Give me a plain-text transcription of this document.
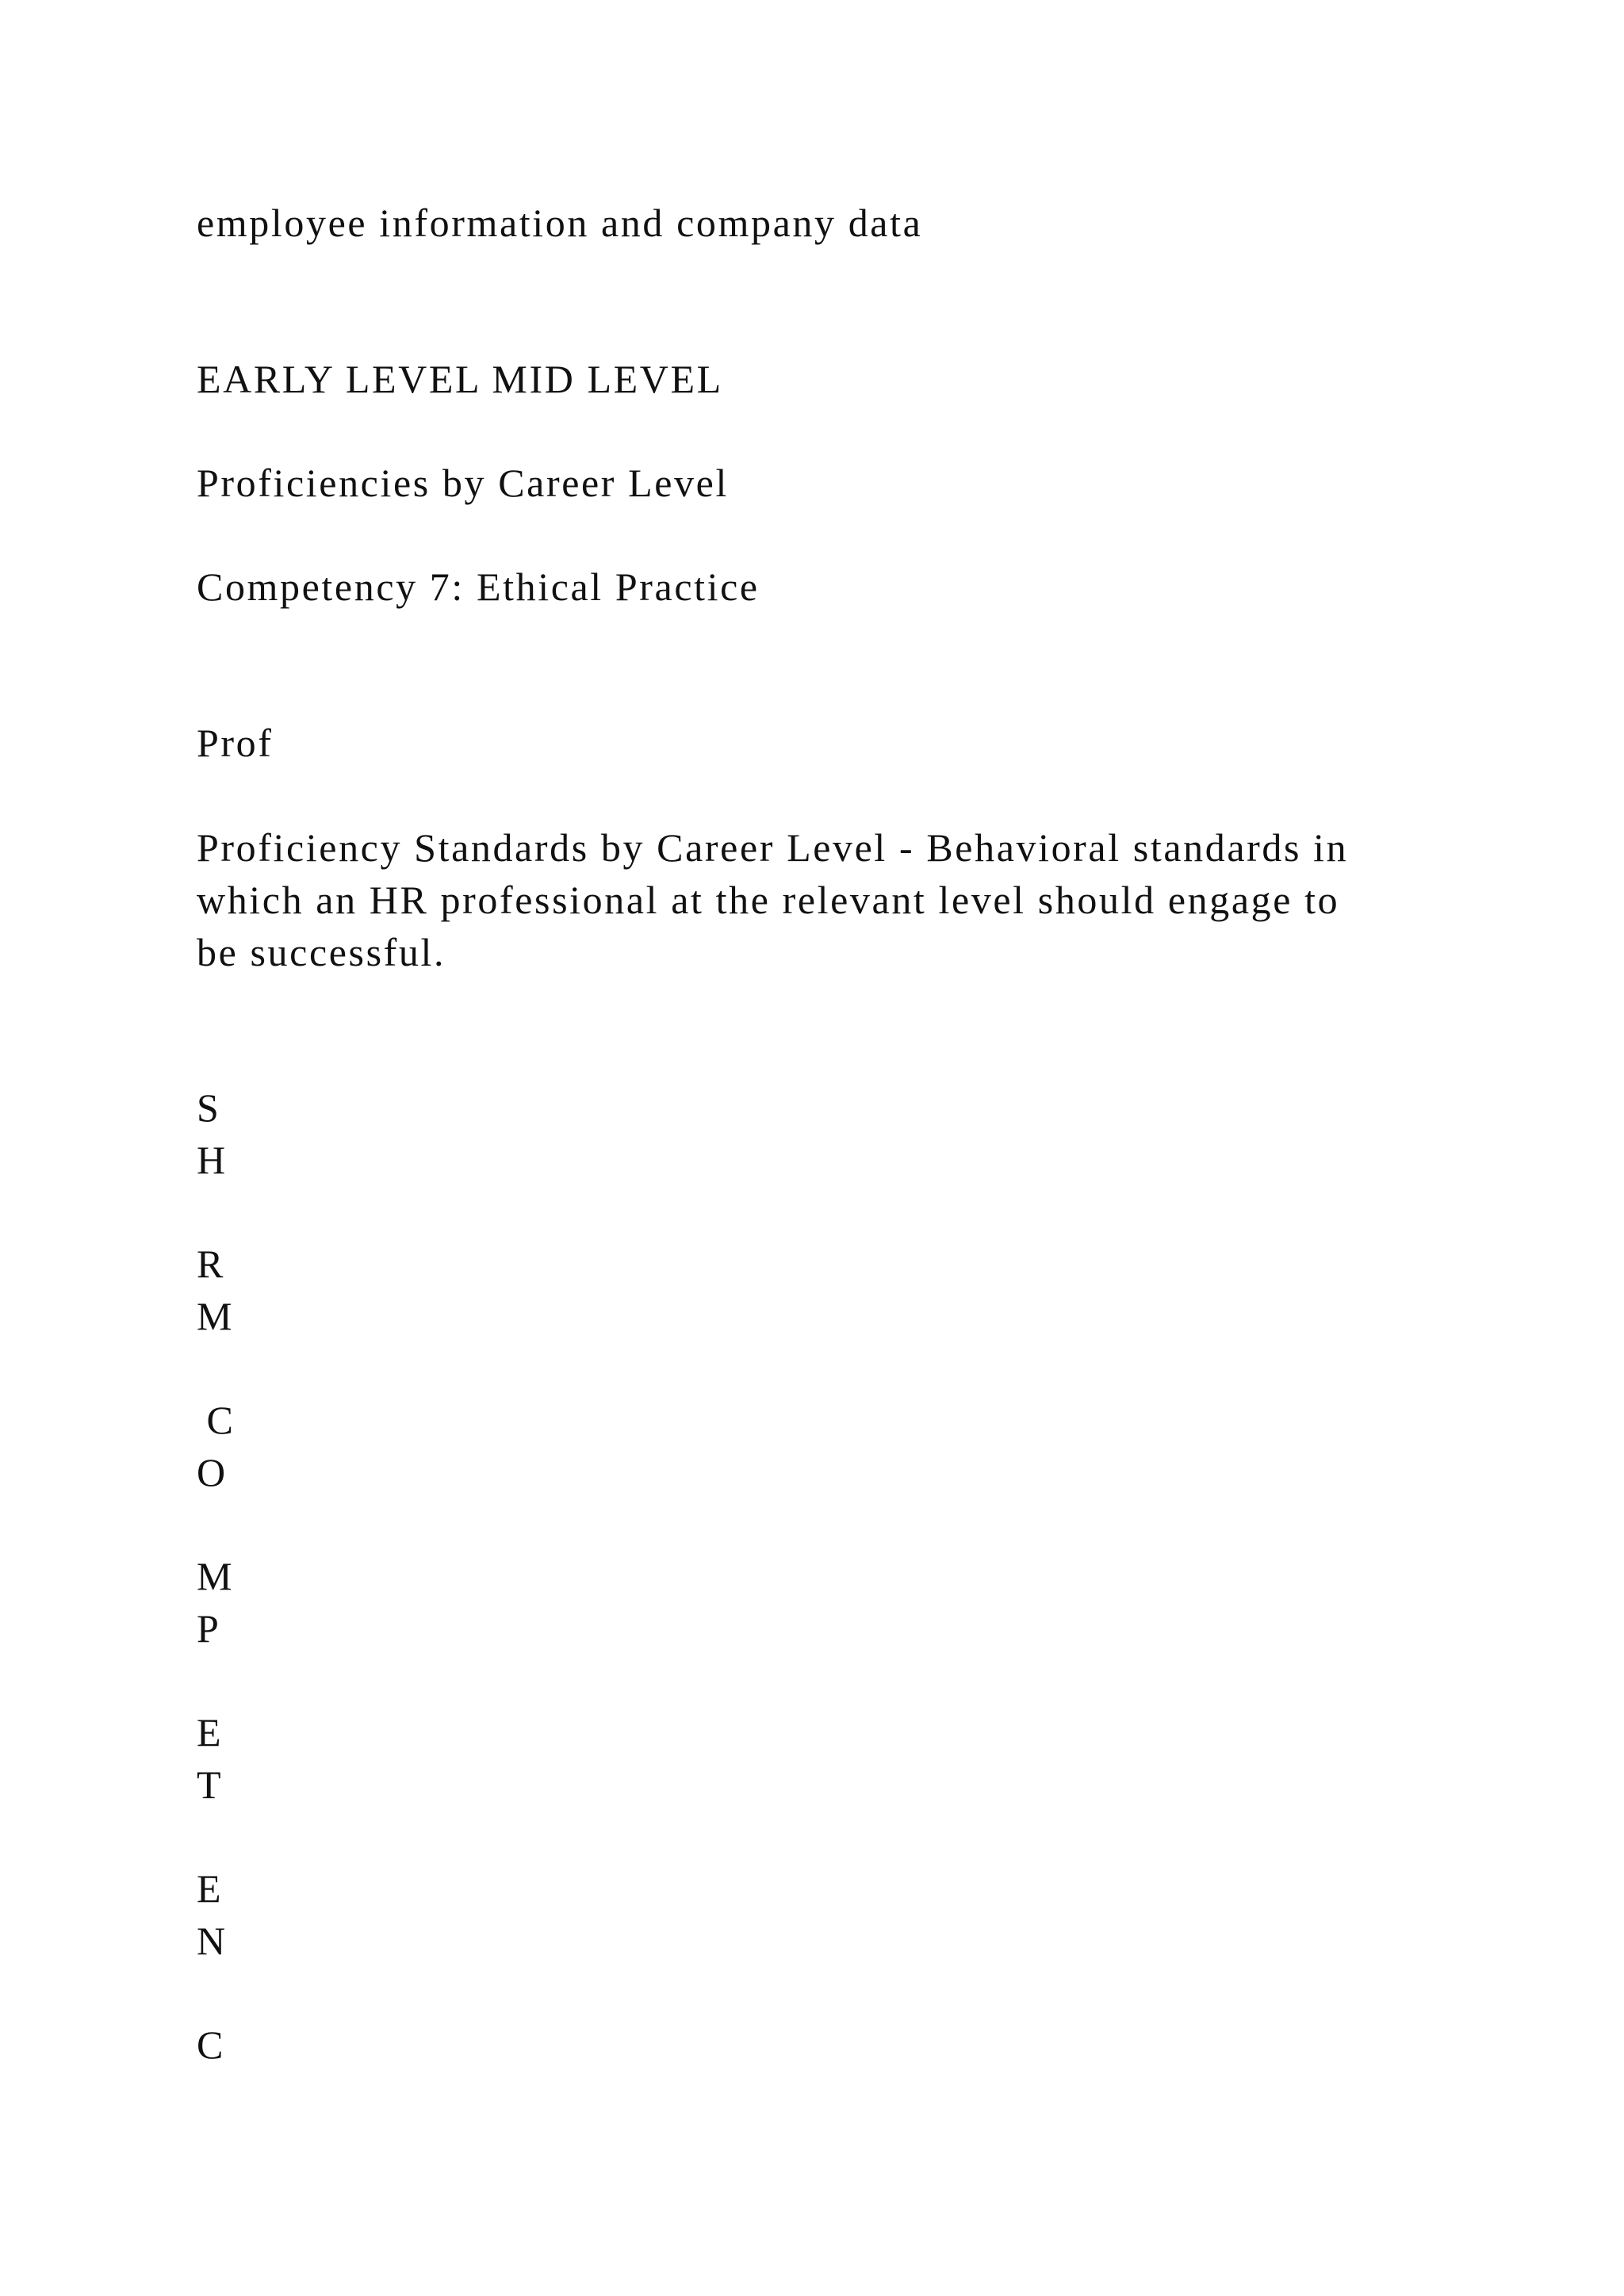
employee information and company data

EARLY LEVEL MID LEVEL

Proficiencies by Career Level

Competency 7: Ethical Practice

Prof

Proficiency Standards by Career Level - Behavioral standards in
which an HR professional at the relevant level should engage to
be successful.

S

H

R

M

C

O

M

P

E

T

E

N

C
